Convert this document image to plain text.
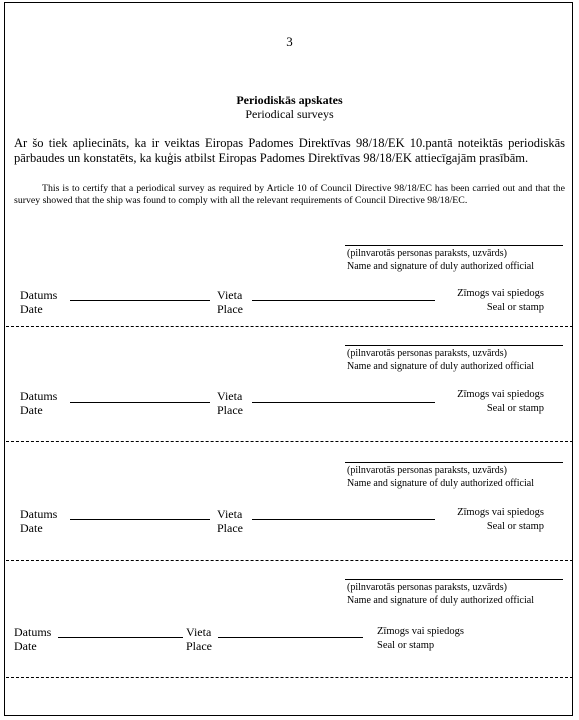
3
Periodiskās apskates
Periodical surveys
Ar šo tiek apliecināts, ka ir veiktas Eiropas Padomes Direktīvas 98/18/EK 10.pantā noteiktās periodiskās pārbaudes un konstatēts, ka kuģis atbilst Eiropas Padomes Direktīvas 98/18/EK attiecīgajām prasībām.
This is to certify that a periodical survey as required by Article 10 of Council Directive 98/18/EC has been carried out and that the survey showed that the ship was found to comply with all the relevant requirements of Council Directive 98/18/EC.
(pilnvarotās personas paraksts, uzvārds)
Name and signature of duly authorized official
Datums
Date
Vieta
Place
Zīmogs vai spiedogs
Seal or stamp
(pilnvarotās personas paraksts, uzvārds)
Name and signature of duly authorized official
Datums
Date
Vieta
Place
Zīmogs vai spiedogs
Seal or stamp
(pilnvarotās personas paraksts, uzvārds)
Name and signature of duly authorized official
Datums
Date
Vieta
Place
Zīmogs vai spiedogs
Seal or stamp
(pilnvarotās personas paraksts, uzvārds)
Name and signature of duly authorized official
Datums
Date
Vieta
Place
Zīmogs vai spiedogs
Seal or stamp
